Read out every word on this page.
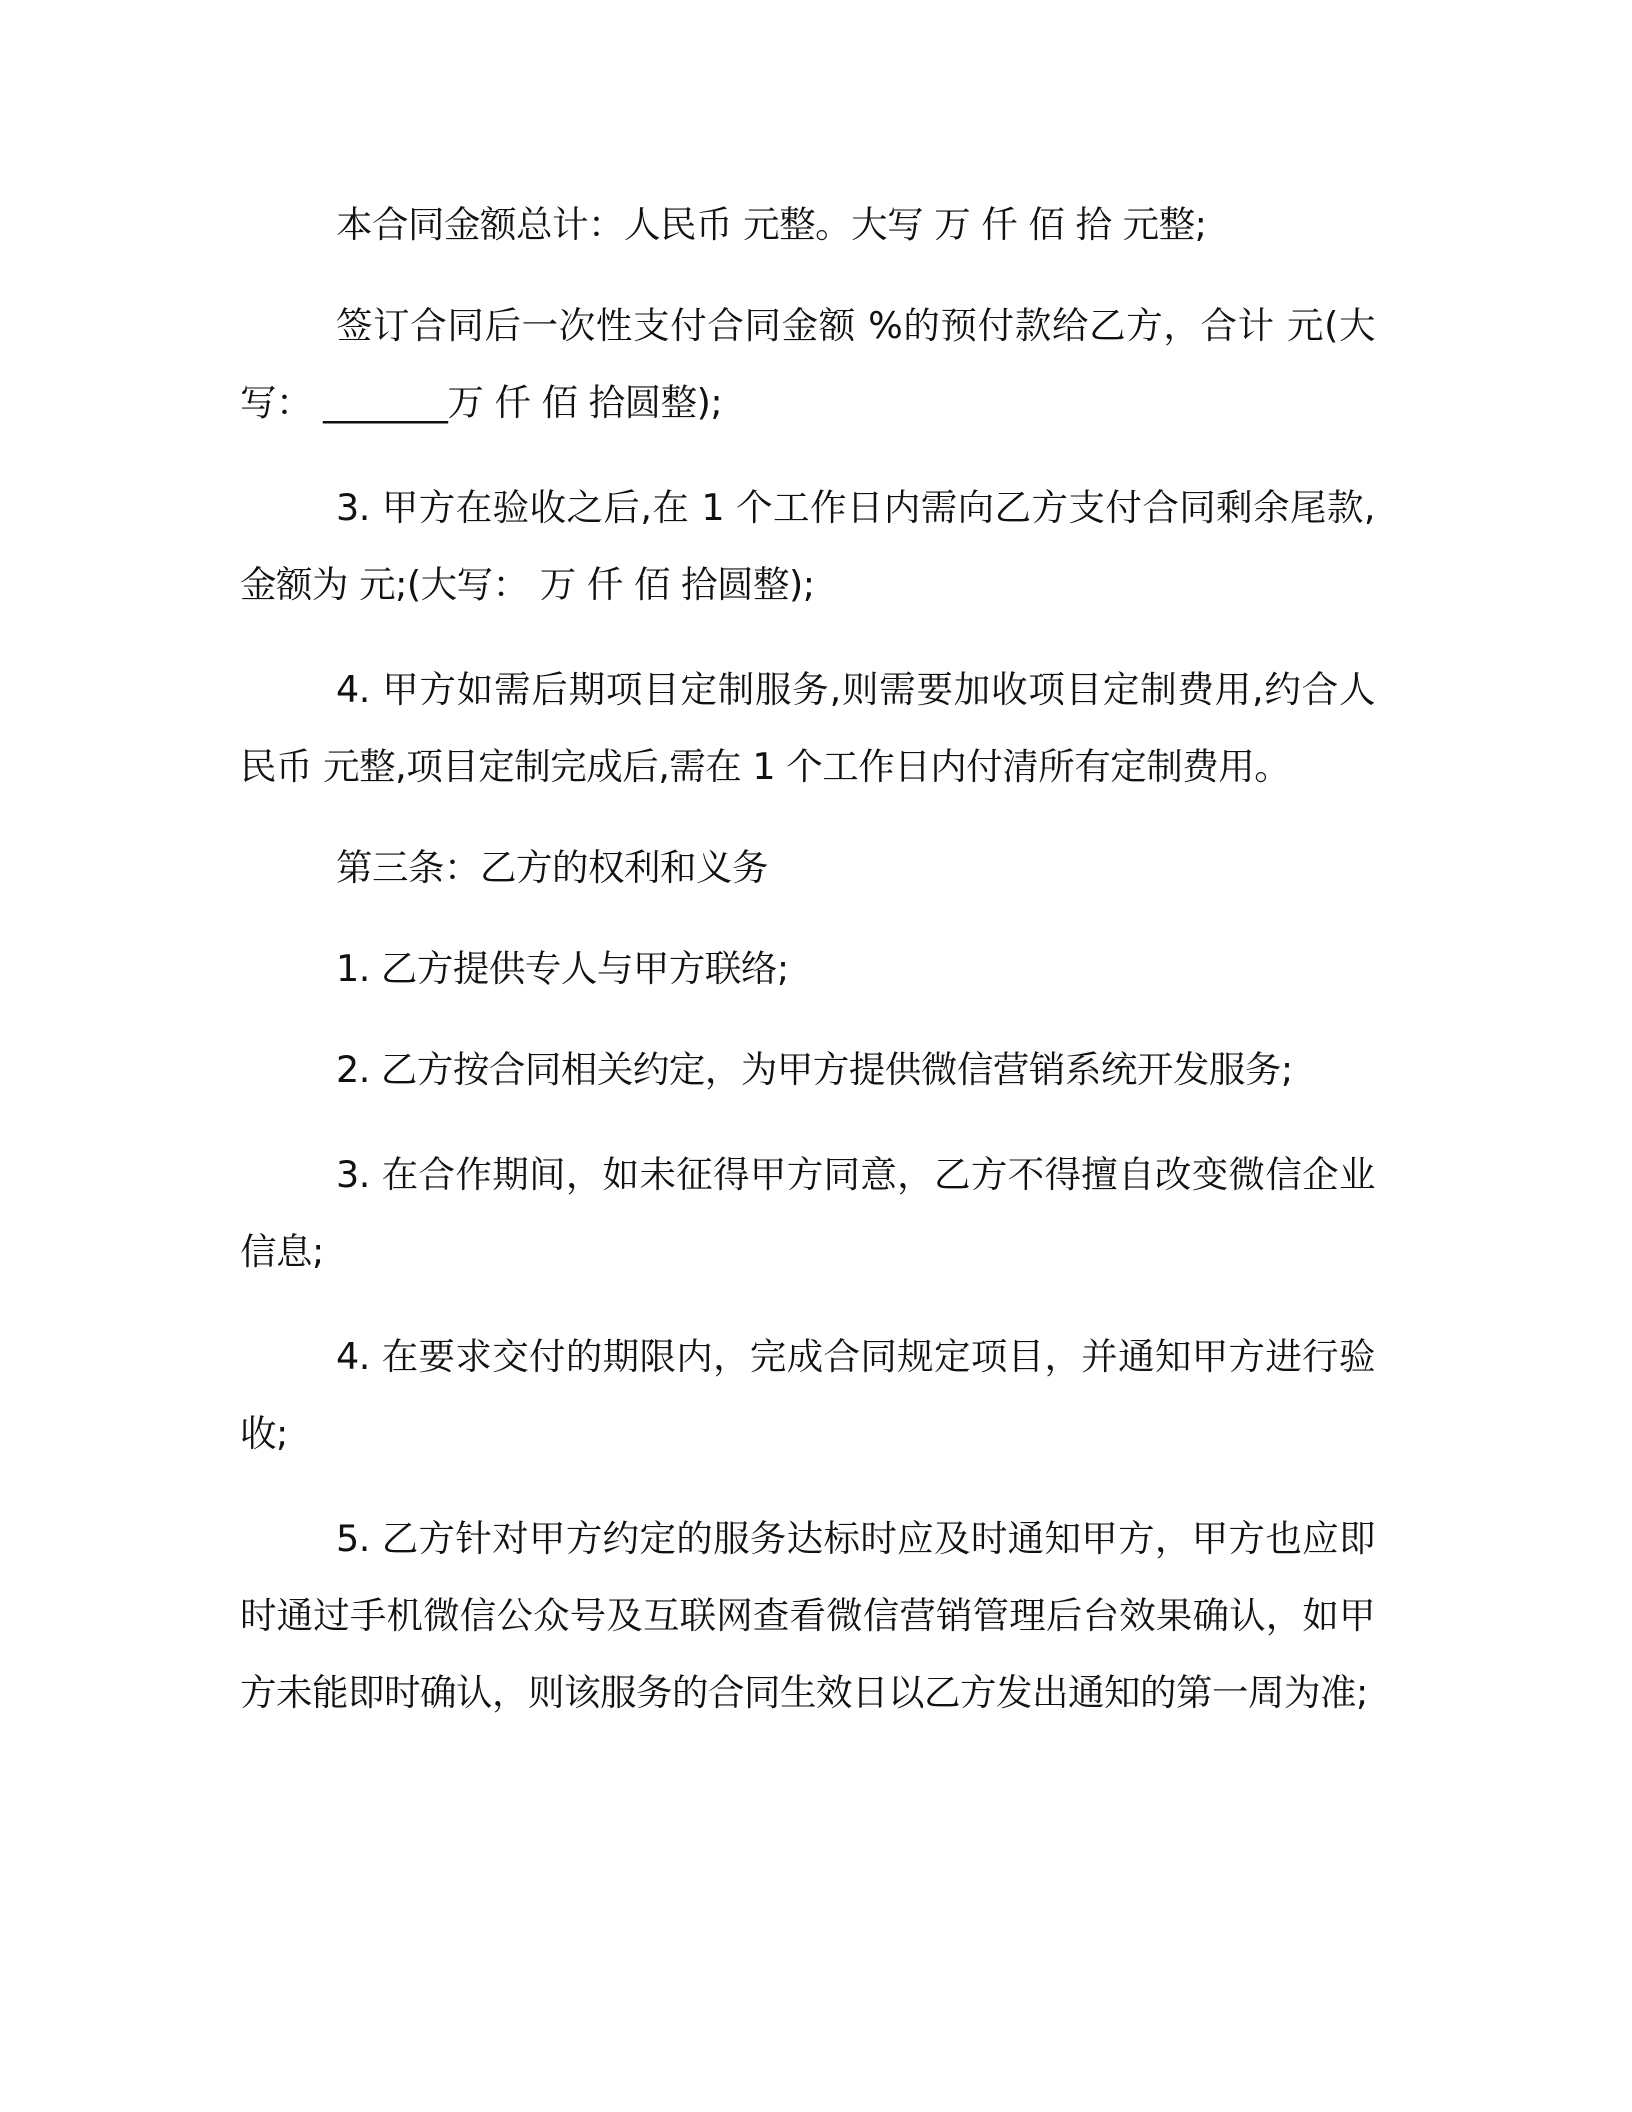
本合同金额总计：人民币 元整。大写 万 仟 佰 拾 元整;

签订合同后一次性支付合同金额 %的预付款给乙方，合计 元(大写： _______万 仟 佰 拾圆整);

3. 甲方在验收之后,在 1 个工作日内需向乙方支付合同剩余尾款,金额为 元;(大写： 万 仟 佰 拾圆整);

4. 甲方如需后期项目定制服务,则需要加收项目定制费用,约合人民币 元整,项目定制完成后,需在 1 个工作日内付清所有定制费用。

第三条：乙方的权利和义务

1. 乙方提供专人与甲方联络;

2. 乙方按合同相关约定，为甲方提供微信营销系统开发服务;

3. 在合作期间，如未征得甲方同意，乙方不得擅自改变微信企业信息;

4. 在要求交付的期限内，完成合同规定项目，并通知甲方进行验收;

5. 乙方针对甲方约定的服务达标时应及时通知甲方，甲方也应即时通过手机微信公众号及互联网查看微信营销管理后台效果确认，如甲方未能即时确认，则该服务的合同生效日以乙方发出通知的第一周为准;
